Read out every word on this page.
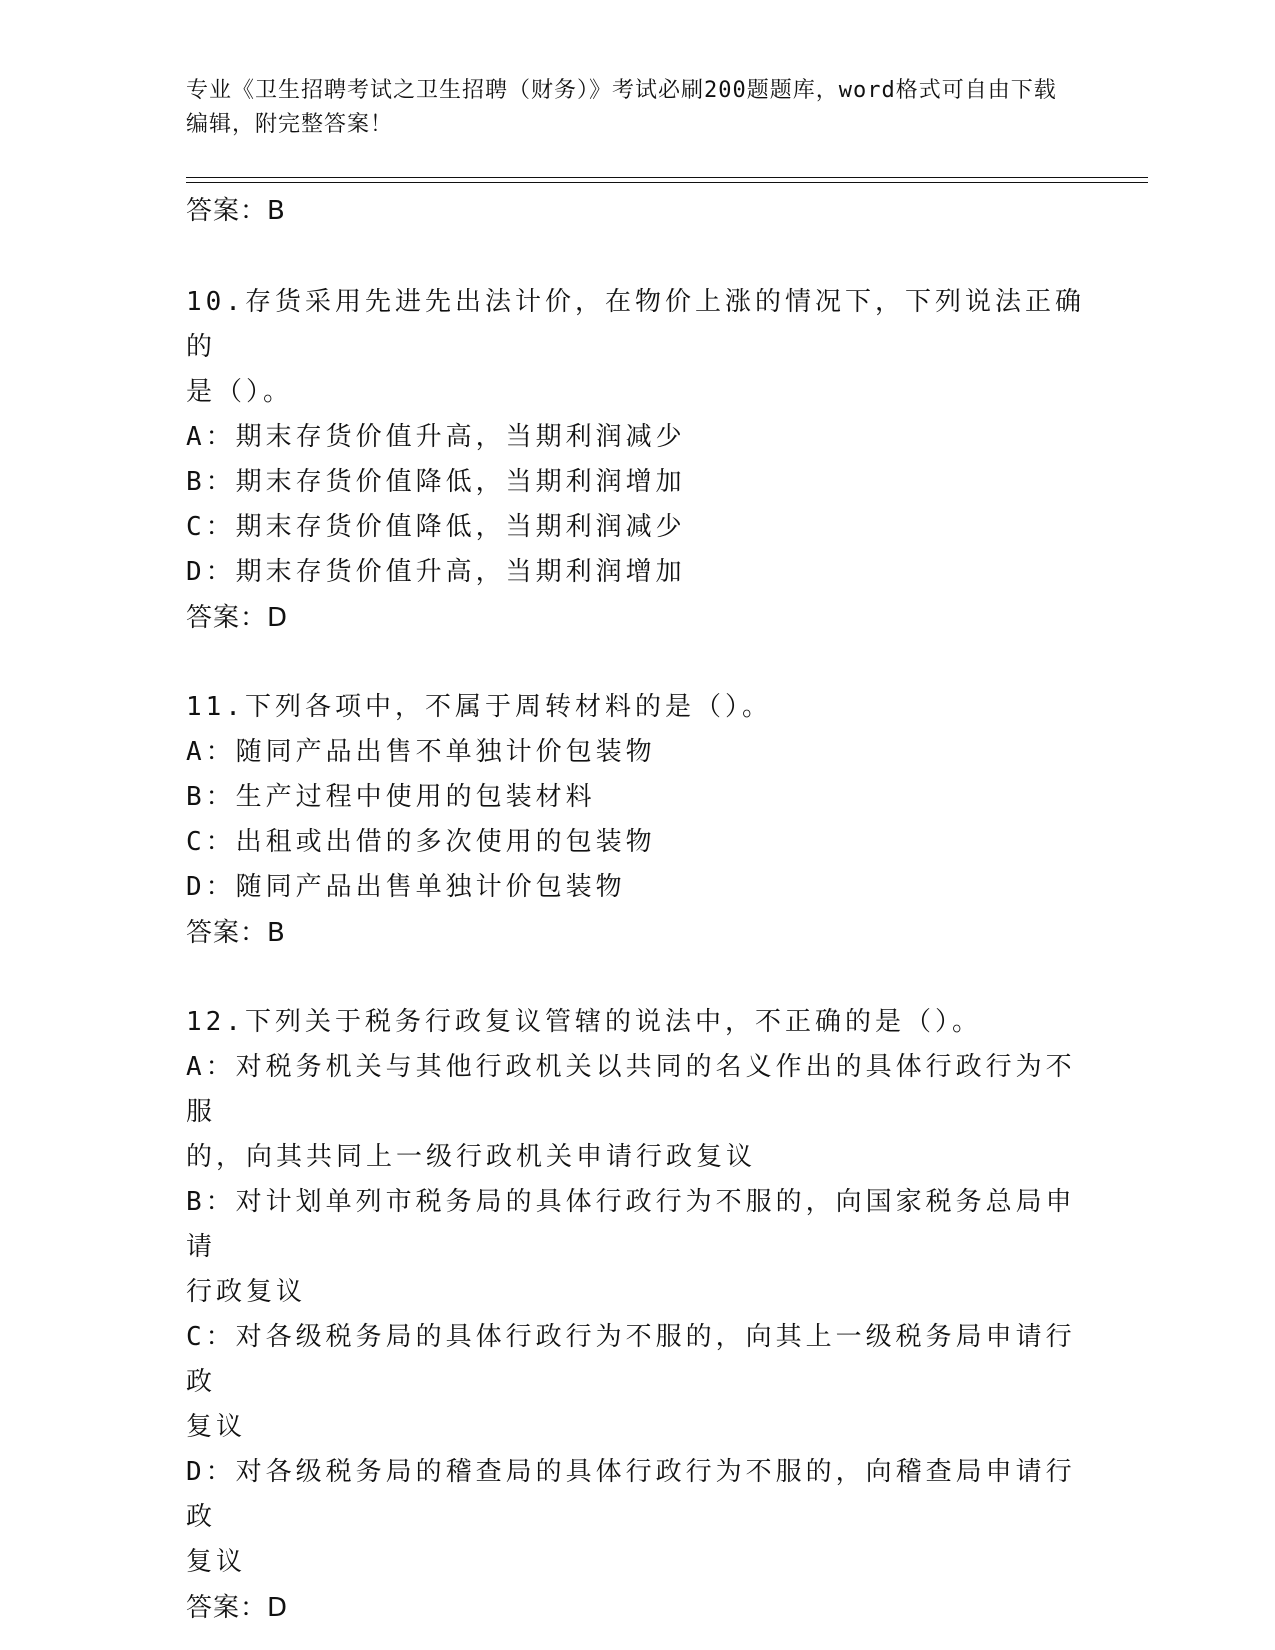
专业《卫生招聘考试之卫生招聘（财务）》考试必刷200题题库，word格式可自由下载编辑，附完整答案！
答案：B
10.存货采用先进先出法计价，在物价上涨的情况下，下列说法正确的
是（）。
A：期末存货价值升高，当期利润减少
B：期末存货价值降低，当期利润增加
C：期末存货价值降低，当期利润减少
D：期末存货价值升高，当期利润增加
答案：D
11.下列各项中，不属于周转材料的是（）。
A：随同产品出售不单独计价包装物
B：生产过程中使用的包装材料
C：出租或出借的多次使用的包装物
D：随同产品出售单独计价包装物
答案：B
12.下列关于税务行政复议管辖的说法中，不正确的是（）。
A：对税务机关与其他行政机关以共同的名义作出的具体行政行为不服
的，向其共同上一级行政机关申请行政复议
B：对计划单列市税务局的具体行政行为不服的，向国家税务总局申请
行政复议
C：对各级税务局的具体行政行为不服的，向其上一级税务局申请行政
复议
D：对各级税务局的稽查局的具体行政行为不服的，向稽查局申请行政
复议
答案：D
